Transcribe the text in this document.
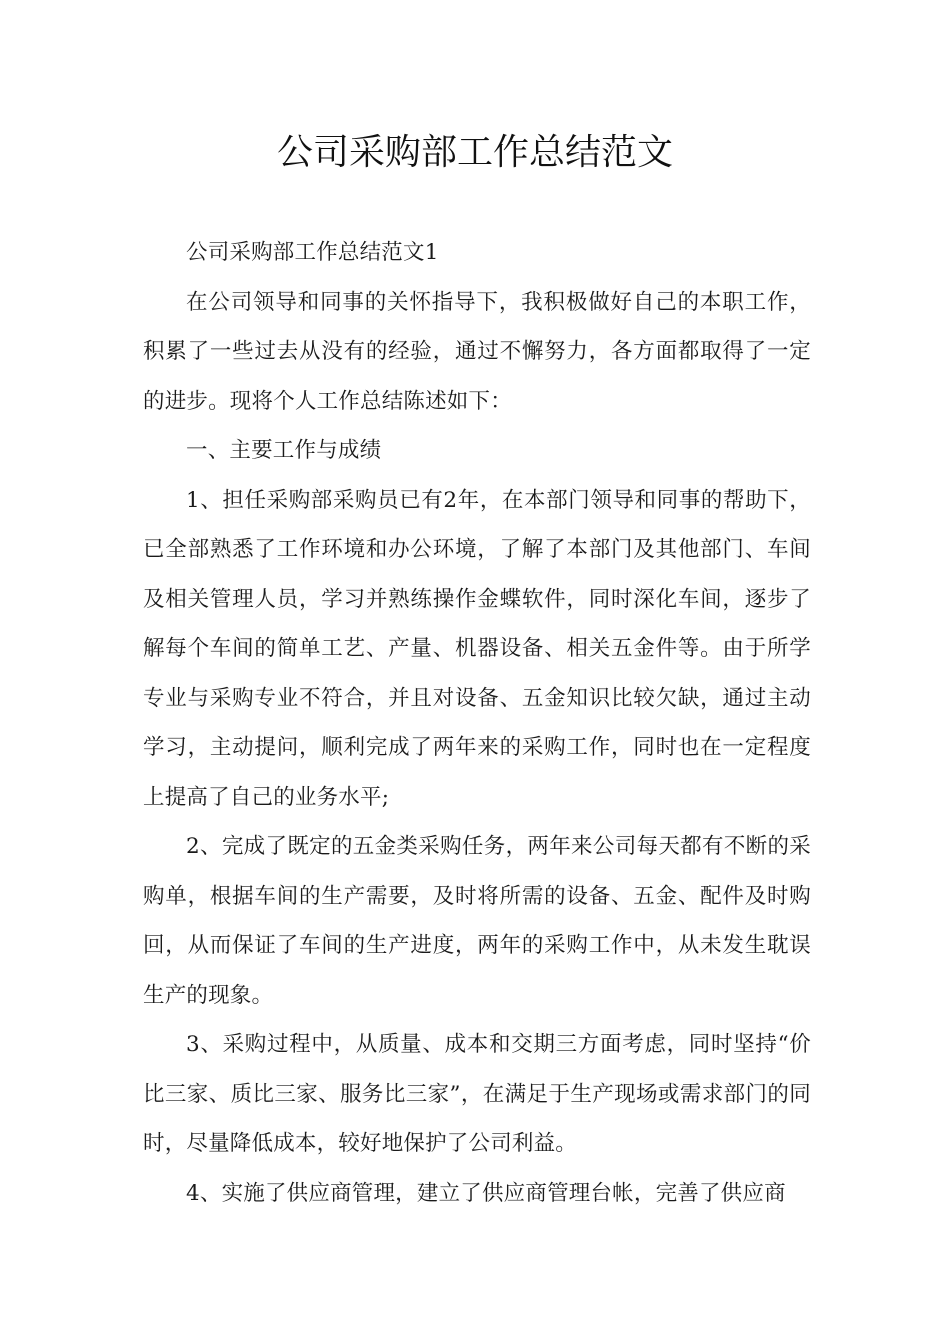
公司采购部工作总结范文

公司采购部工作总结范文1

在公司领导和同事的关怀指导下，我积极做好自己的本职工作，积累了一些过去从没有的经验，通过不懈努力，各方面都取得了一定的进步。现将个人工作总结陈述如下：

一、主要工作与成绩

1、担任采购部采购员已有2年，在本部门领导和同事的帮助下，已全部熟悉了工作环境和办公环境，了解了本部门及其他部门、车间及相关管理人员，学习并熟练操作金蝶软件，同时深化车间，逐步了解每个车间的简单工艺、产量、机器设备、相关五金件等。由于所学专业与采购专业不符合，并且对设备、五金知识比较欠缺，通过主动学习，主动提问，顺利完成了两年来的采购工作，同时也在一定程度上提高了自己的业务水平;

2、完成了既定的五金类采购任务，两年来公司每天都有不断的采购单，根据车间的生产需要，及时将所需的设备、五金、配件及时购回，从而保证了车间的生产进度，两年的采购工作中，从未发生耽误生产的现象。

3、采购过程中，从质量、成本和交期三方面考虑，同时坚持“价比三家、质比三家、服务比三家”，在满足于生产现场或需求部门的同时，尽量降低成本，较好地保护了公司利益。

4、实施了供应商管理，建立了供应商管理台帐，完善了供应商
